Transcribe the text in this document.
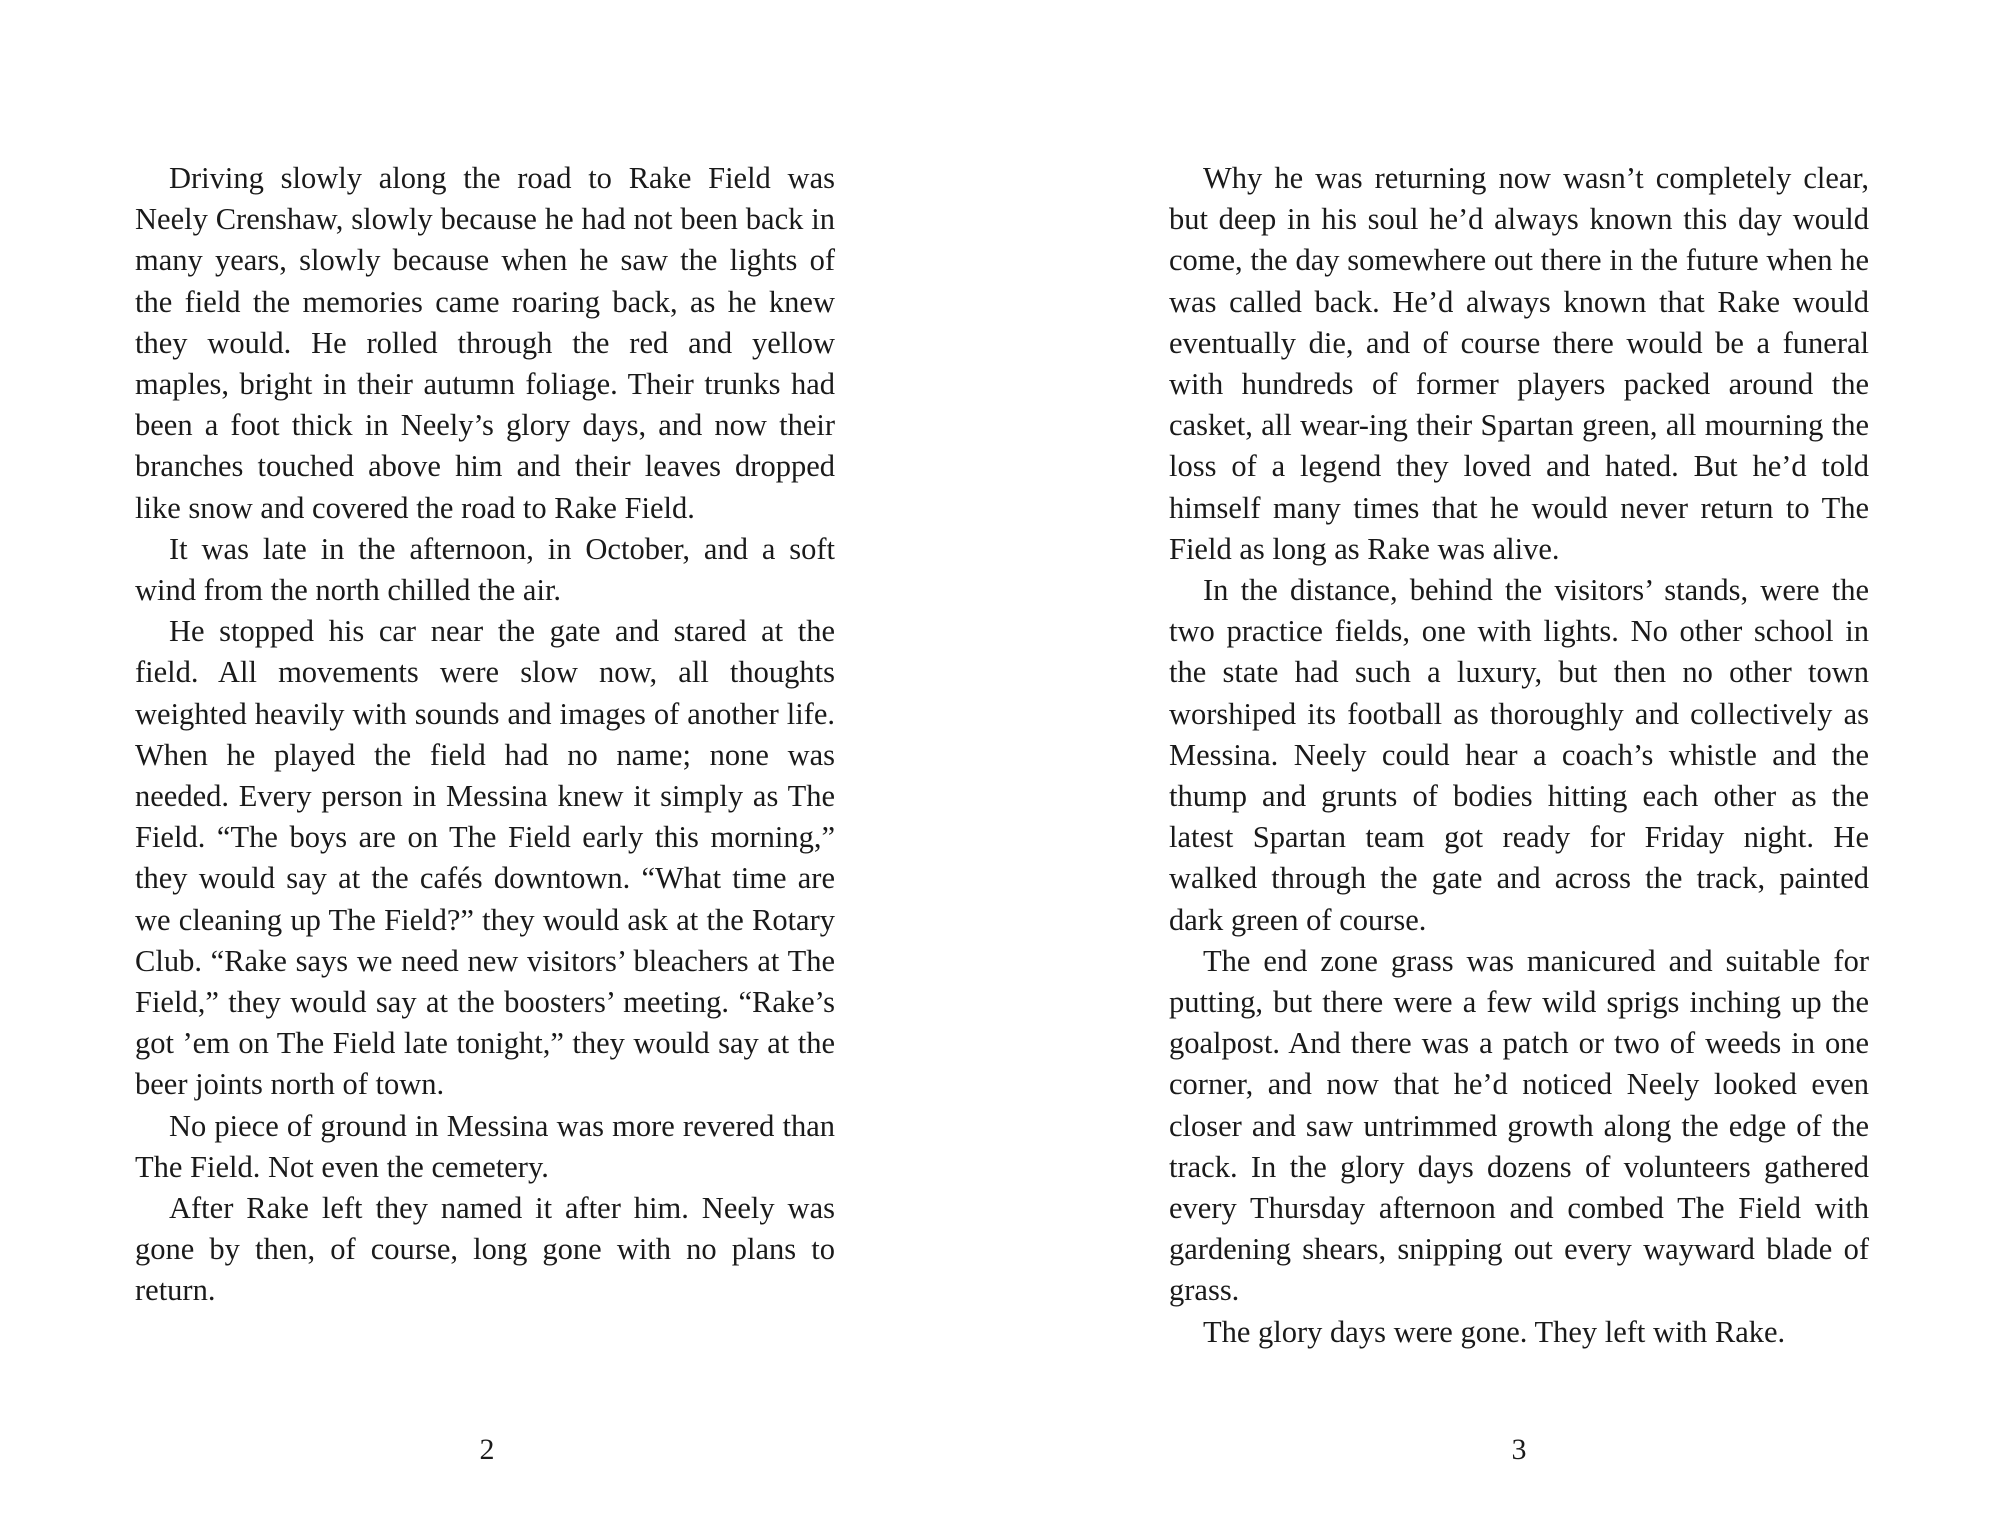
Driving slowly along the road to Rake Field was Neely Crenshaw, slowly because he had not been back in many years, slowly because when he saw the lights of the field the memories came roaring back, as he knew they would. He rolled through the red and yellow maples, bright in their autumn foliage. Their trunks had been a foot thick in Neely’s glory days, and now their branches touched above him and their leaves dropped like snow and covered the road to Rake Field.

It was late in the afternoon, in October, and a soft wind from the north chilled the air.

He stopped his car near the gate and stared at the field. All movements were slow now, all thoughts weighted heavily with sounds and images of another life. When he played the field had no name; none was needed. Every person in Messina knew it simply as The Field. “The boys are on The Field early this morning,” they would say at the cafés downtown. “What time are we cleaning up The Field?” they would ask at the Rotary Club. “Rake says we need new visitors’ bleachers at The Field,” they would say at the boosters’ meeting. “Rake’s got ’em on The Field late tonight,” they would say at the beer joints north of town.

No piece of ground in Messina was more revered than The Field. Not even the cemetery.

After Rake left they named it after him. Neely was gone by then, of course, long gone with no plans to return.

2

Why he was returning now wasn’t completely clear, but deep in his soul he’d always known this day would come, the day somewhere out there in the future when he was called back. He’d always known that Rake would eventually die, and of course there would be a funeral with hundreds of former players packed around the casket, all wear-ing their Spartan green, all mourning the loss of a legend they loved and hated. But he’d told himself many times that he would never return to The Field as long as Rake was alive.

In the distance, behind the visitors’ stands, were the two practice fields, one with lights. No other school in the state had such a luxury, but then no other town worshiped its football as thoroughly and collectively as Messina. Neely could hear a coach’s whistle and the thump and grunts of bodies hitting each other as the latest Spartan team got ready for Friday night. He walked through the gate and across the track, painted dark green of course.

The end zone grass was manicured and suitable for putting, but there were a few wild sprigs inching up the goalpost. And there was a patch or two of weeds in one corner, and now that he’d noticed Neely looked even closer and saw untrimmed growth along the edge of the track. In the glory days dozens of volunteers gathered every Thursday afternoon and combed The Field with gardening shears, snipping out every wayward blade of grass.

The glory days were gone. They left with Rake.

3
